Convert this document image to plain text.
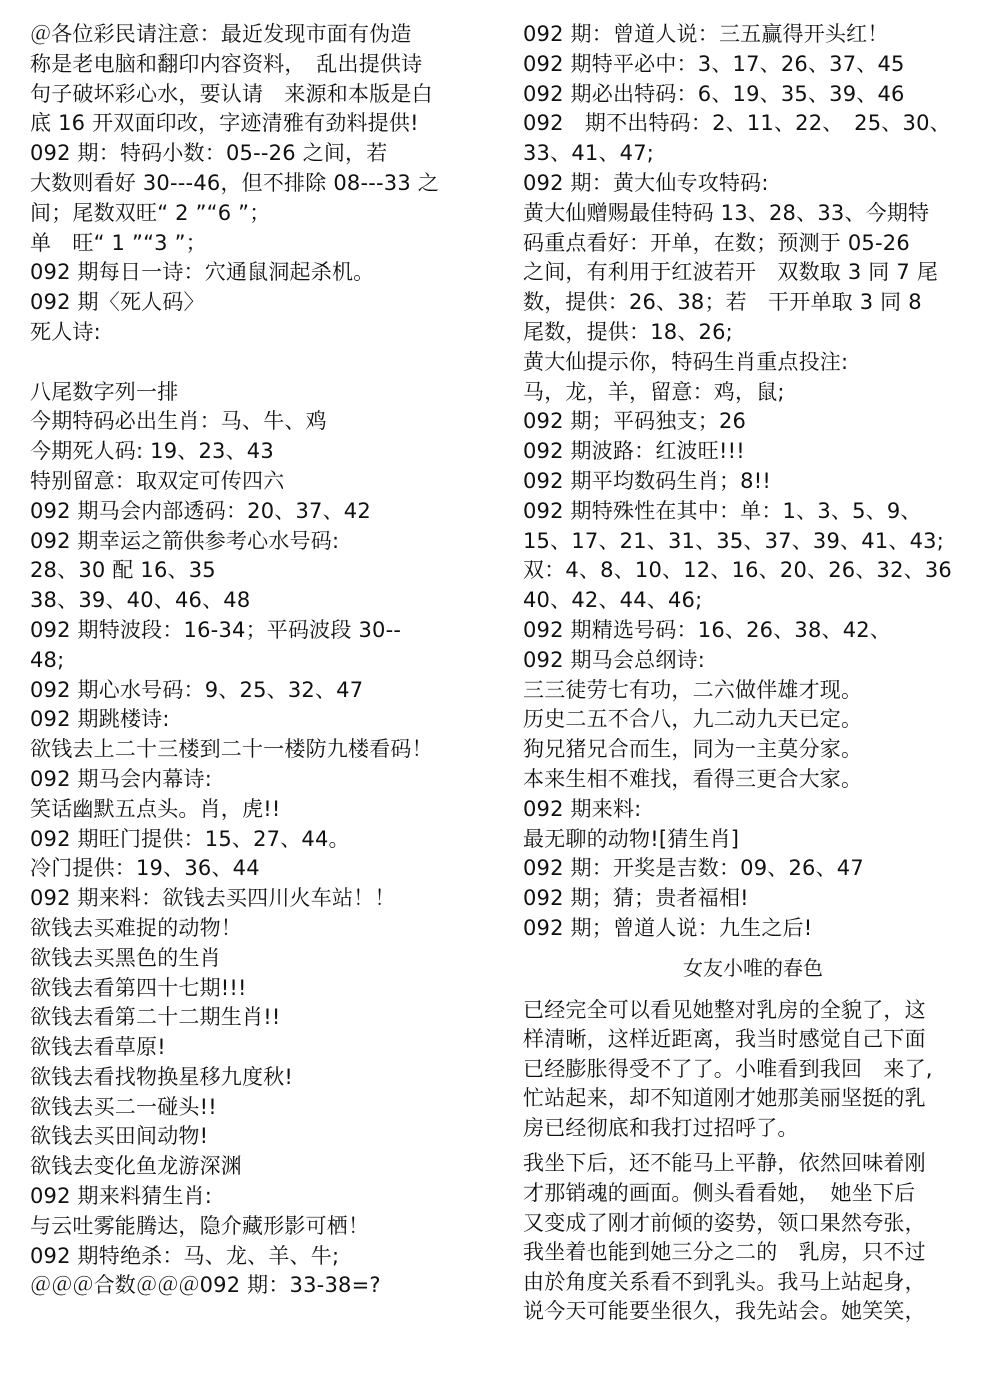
＠各位彩民请注意：最近发现市面有伪造
称是老电脑和翻印内容资料，　乱出提供诗
句子破坏彩心水，要认请　来源和本版是白
底 16 开双面印改，字迹清雅有劲料提供!
092 期：特码小数：05--26 之间，若
大数则看好 30---46，但不排除 08---33 之
间；尾数双旺“ 2 ”“6 ”；
单　旺“ 1 ”“3 ”；
092 期每日一诗：穴通鼠洞起杀机。
092 期〈死人码〉
死人诗:
八尾数字列一排
今期特码必出生肖：马、牛、鸡
今期死人码: 19、23、43
特别留意：取双定可传四六
092 期马会内部透码：20、37、42
092 期幸运之箭供参考心水号码:
28、30 配 16、35
38、39、40、46、48
092 期特波段：16-34；平码波段 30--
48;
092 期心水号码：9、25、32、47
092 期跳楼诗:
欲钱去上二十三楼到二十一楼防九楼看码！
092 期马会内幕诗:
笑话幽默五点头。肖，虎!!
092 期旺门提供：15、27、44。
冷门提供：19、36、44
092 期来料：欲钱去买四川火车站！！
欲钱去买难捉的动物！
欲钱去买黑色的生肖
欲钱去看第四十七期!!!
欲钱去看第二十二期生肖!!
欲钱去看草原!
欲钱去看找物换星移九度秋!
欲钱去买二一碰头!!
欲钱去买田间动物!
欲钱去变化鱼龙游深渊
092 期来料猜生肖:
与云吐雾能腾达，隐介藏形影可栖！
092 期特绝杀：马、龙、羊、牛;
＠＠＠合数＠＠＠092 期：33-38=?
092 期：曾道人说：三五赢得开头红！
092 期特平必中：3、17、26、37、45
092 期必出特码：6、19、35、39、46
092　期不出特码：2、11、22、　25、30、
33、41、47;
092 期：黄大仙专攻特码:
黄大仙赠赐最佳特码 13、28、33、今期特
码重点看好：开单，在数；预测于 05-26
之间，有利用于红波若开　双数取 3 同 7 尾
数，提供：26、38；若　干开单取 3 同 8
尾数，提供：18、26;
黄大仙提示你，特码生肖重点投注:
马，龙，羊，留意：鸡，鼠;
092 期；平码独支；26
092 期波路：红波旺!!!
092 期平均数码生肖；8!!
092 期特殊性在其中：单：1、3、5、9、
15、17、21、31、35、37、39、41、43;
双：4、8、10、12、16、20、26、32、36
40、42、44、46;
092 期精选号码：16、26、38、42、
092 期马会总纲诗:
三三徒劳七有功，二六做伴雄才现。
历史二五不合八，九二动九天已定。
狗兄猪兄合而生，同为一主莫分家。
本来生相不难找，看得三更合大家。
092 期来料:
最无聊的动物![猜生肖]
092 期：开奖是吉数：09、26、47
092 期；猜；贵者福相!
092 期；曾道人说：九生之后!
女友小唯的春色
已经完全可以看见她整对乳房的全貌了，这
样清晰，这样近距离，我当时感觉自己下面
已经膨胀得受不了了。小唯看到我回　来了,
忙站起来，却不知道刚才她那美丽坚挺的乳
房已经彻底和我打过招呼了。
我坐下后，还不能马上平静，依然回味着刚
才那销魂的画面。侧头看看她，　她坐下后
又变成了刚才前倾的姿势，领口果然夸张，
我坐着也能到她三分之二的　乳房，只不过
由於角度关系看不到乳头。我马上站起身，
说今天可能要坐很久，我先站会。她笑笑，
